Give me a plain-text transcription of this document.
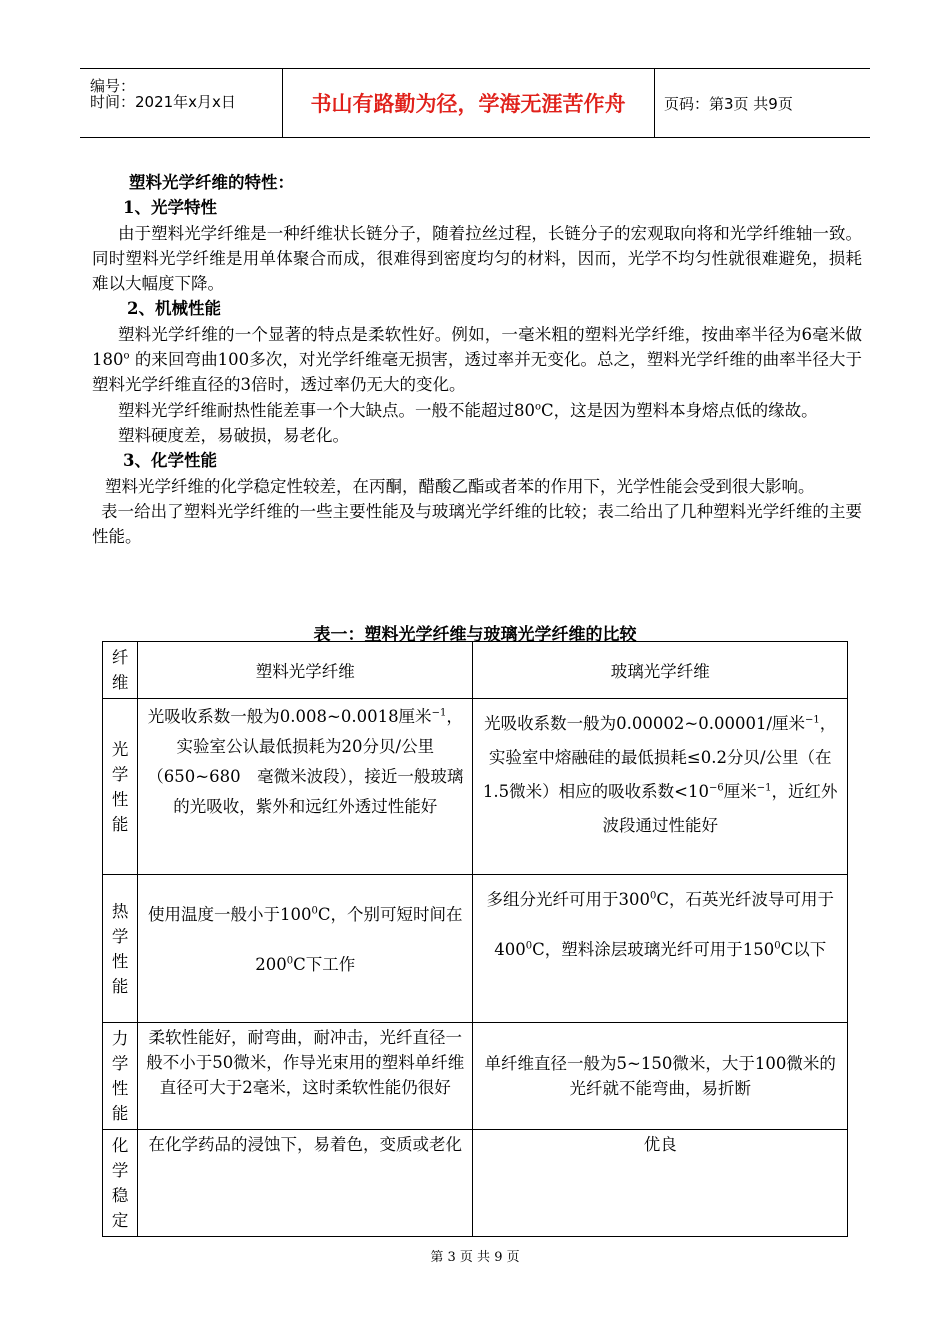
编号：
时间：2021年x月x日	书山有路勤为径，学海无涯苦作舟	页码：第3页 共9页

塑料光学纤维的特性：

1、光学特性

由于塑料光学纤维是一种纤维状长链分子，随着拉丝过程，长链分子的宏观取向将和光学纤维轴一致。同时塑料光学纤维是用单体聚合而成，很难得到密度均匀的材料，因而，光学不均匀性就很难避免，损耗难以大幅度下降。

2、机械性能

塑料光学纤维的一个显著的特点是柔软性好。例如，一毫米粗的塑料光学纤维，按曲率半径为6毫米做180$^o$ 的来回弯曲100多次，对光学纤维毫无损害，透过率并无变化。总之，塑料光学纤维的曲率半径大于塑料光学纤维直径的3倍时，透过率仍无大的变化。

塑料光学纤维耐热性能差事一个大缺点。一般不能超过80$^o$C，这是因为塑料本身熔点低的缘故。

塑料硬度差，易破损，易老化。

3、化学性能

塑料光学纤维的化学稳定性较差，在丙酮，醋酸乙酯或者苯的作用下，光学性能会受到很大影响。

表一给出了塑料光学纤维的一些主要性能及与玻璃光学纤维的比较；表二给出了几种塑料光学纤维的主要性能。

表一：塑料光学纤维与玻璃光学纤维的比较
纤维	塑料光学纤维	玻璃光学纤维
光学性能	光吸收系数一般为0.008~0.0018厘米$^{-1}$，实验室公认最低损耗为20分贝/公里（650~680　毫微米波段），接近一般玻璃的光吸收，紫外和远红外透过性能好	光吸收系数一般为0.00002~0.00001/厘米$^{-1}$，实验室中熔融硅的最低损耗≤0.2分贝/公里（在1.5微米）相应的吸收系数$<10^{-6}$厘米$^{-1}$，近红外波段通过性能好
热学性能	使用温度一般小于$100^0C$，个别可短时间在$200^0C$下工作	多组分光纤可用于$300^0C$，石英光纤波导可用于$400^0C$，塑料涂层玻璃光纤可用于$150^0C$以下
力学性能	柔软性能好，耐弯曲，耐冲击，光纤直径一般不小于50微米，作导光束用的塑料单纤维直径可大于2毫米，这时柔软性能仍很好	单纤维直径一般为5~150微米，大于100微米的光纤就不能弯曲，易折断
化学稳定	在化学药品的浸蚀下，易着色，变质或老化	优良
第 3 页 共 9 页
